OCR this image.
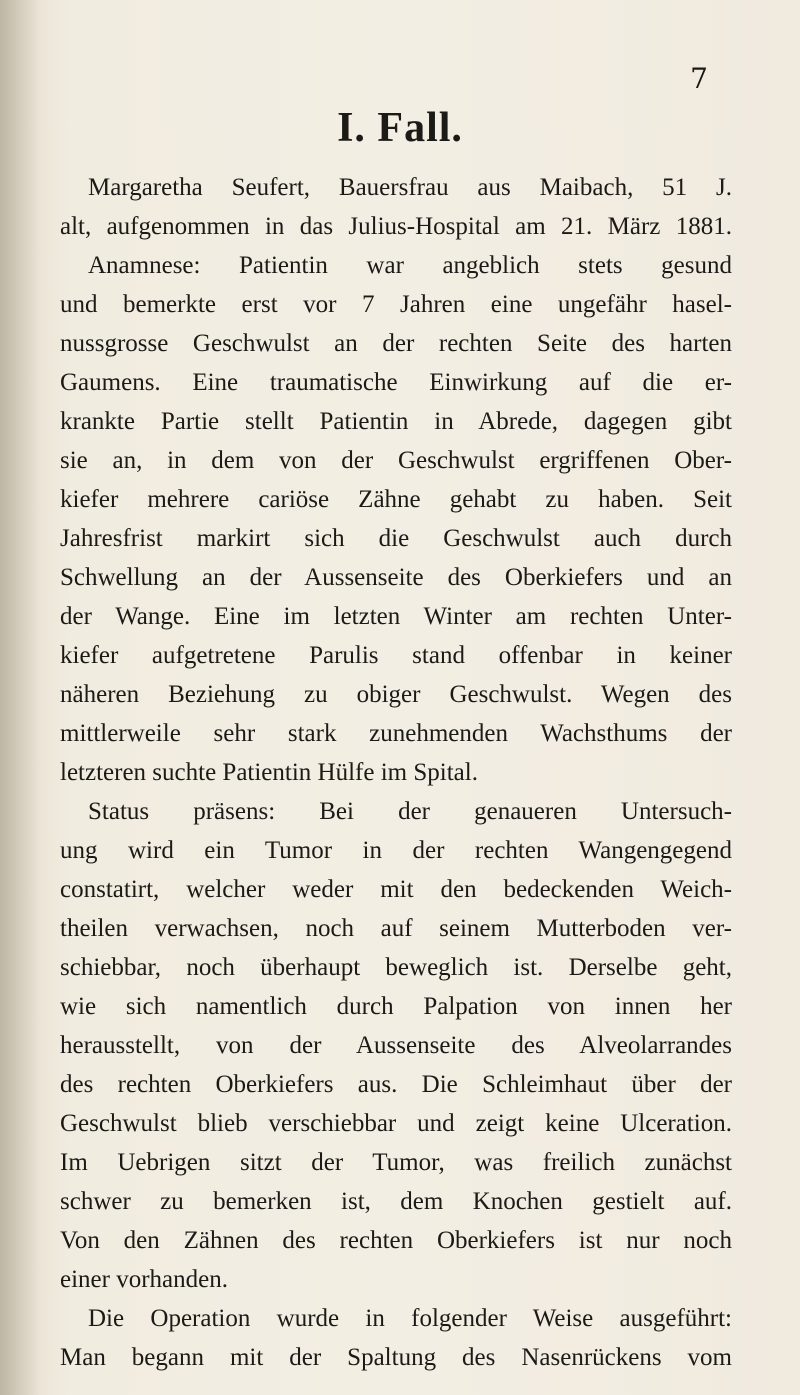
7

I. Fall.
Margaretha Seufert, Bauersfrau aus Maibach, 51 J.
alt, aufgenommen in das Julius-Hospital am 21. März 1881.
Anamnese: Patientin war angeblich stets gesund
und bemerkte erst vor 7 Jahren eine ungefähr hasel-
nussgrosse Geschwulst an der rechten Seite des harten
Gaumens. Eine traumatische Einwirkung auf die er-
krankte Partie stellt Patientin in Abrede, dagegen gibt
sie an, in dem von der Geschwulst ergriffenen Ober-
kiefer mehrere cariöse Zähne gehabt zu haben. Seit
Jahresfrist markirt sich die Geschwulst auch durch
Schwellung an der Aussenseite des Oberkiefers und an
der Wange. Eine im letzten Winter am rechten Unter-
kiefer aufgetretene Parulis stand offenbar in keiner
näheren Beziehung zu obiger Geschwulst. Wegen des
mittlerweile sehr stark zunehmenden Wachsthums der
letzteren suchte Patientin Hülfe im Spital.
Status präsens: Bei der genaueren Untersuch-
ung wird ein Tumor in der rechten Wangengegend
constatirt, welcher weder mit den bedeckenden Weich-
theilen verwachsen, noch auf seinem Mutterboden ver-
schiebbar, noch überhaupt beweglich ist. Derselbe geht,
wie sich namentlich durch Palpation von innen her
herausstellt, von der Aussenseite des Alveolarrandes
des rechten Oberkiefers aus. Die Schleimhaut über der
Geschwulst blieb verschiebbar und zeigt keine Ulceration.
Im Uebrigen sitzt der Tumor, was freilich zunächst
schwer zu bemerken ist, dem Knochen gestielt auf.
Von den Zähnen des rechten Oberkiefers ist nur noch
einer vorhanden.
Die Operation wurde in folgender Weise ausgeführt:
Man begann mit der Spaltung des Nasenrückens vom
